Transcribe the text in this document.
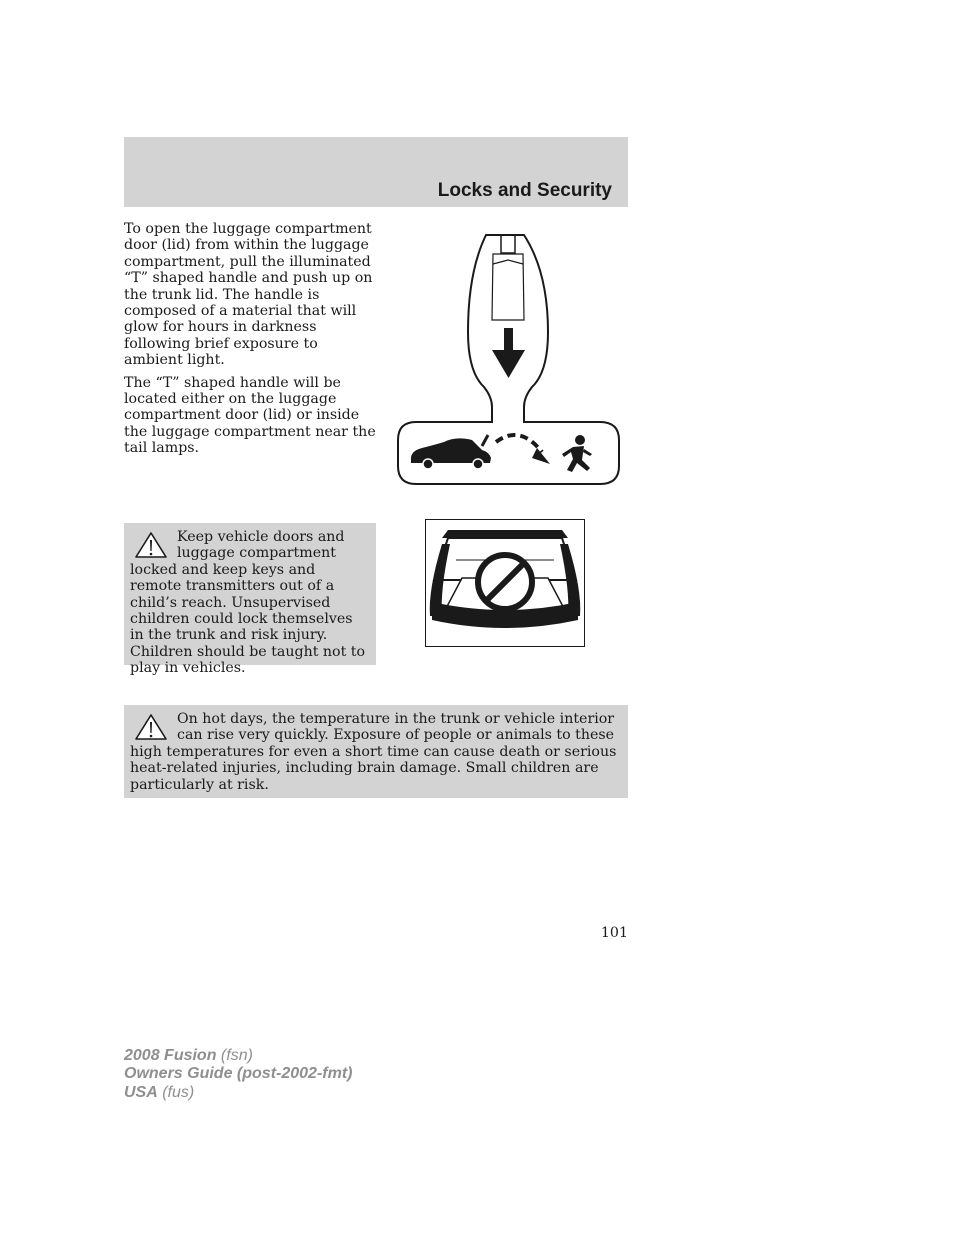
Locks and Security

To open the luggage compartment door (lid) from within the luggage compartment, pull the illuminated “T” shaped handle and push up on the trunk lid. The handle is composed of a material that will glow for hours in darkness following brief exposure to ambient light.

The “T” shaped handle will be located either on the luggage compartment door (lid) or inside the luggage compartment near the tail lamps.

Keep vehicle doors and luggage compartment locked and keep keys and remote transmitters out of a child’s reach. Unsupervised children could lock themselves in the trunk and risk injury. Children should be taught not to play in vehicles.
On hot days, the temperature in the trunk or vehicle interior can rise very quickly. Exposure of people or animals to these high temperatures for even a short time can cause death or serious heat-related injuries, including brain damage. Small children are particularly at risk.
101
2008 Fusion (fsn)
Owners Guide (post-2002-fmt)
USA (fus)
